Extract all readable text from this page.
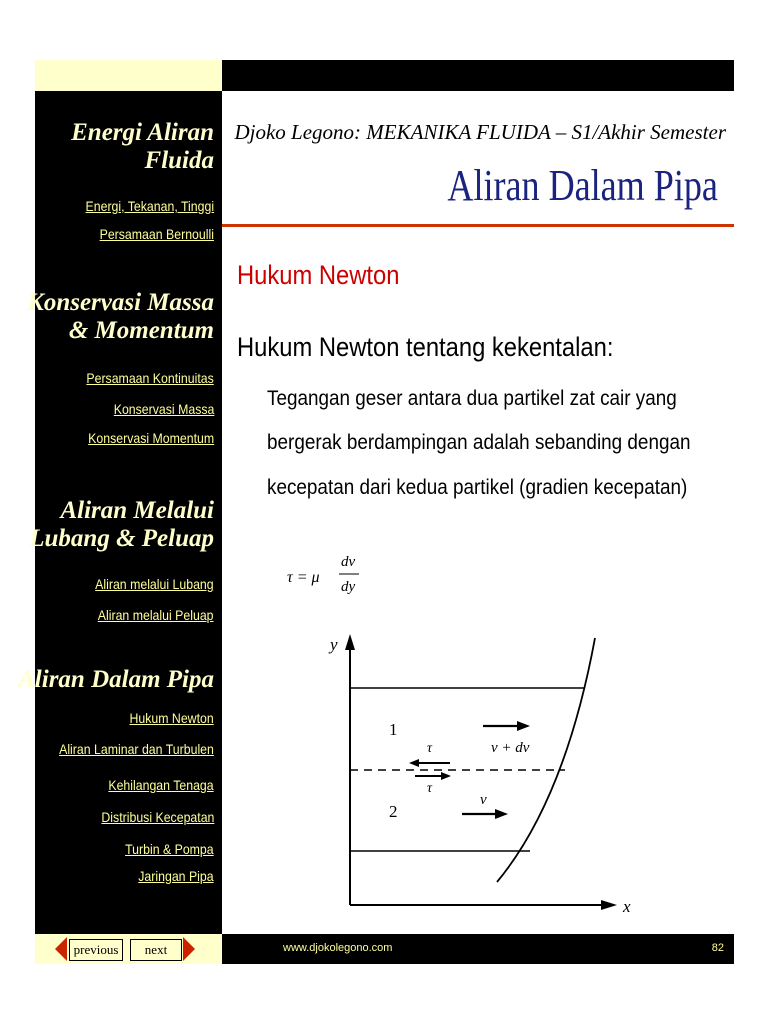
Energi Aliran
Fluida
Energi, Tekanan, Tinggi
Persamaan Bernoulli
Konservasi Massa
& Momentum
Persamaan Kontinuitas
Konservasi Massa
Konservasi Momentum
Aliran Melalui
Lubang & Peluap
Aliran melalui Lubang
Aliran melalui Peluap
Aliran Dalam Pipa
Hukum Newton
Aliran Laminar dan Turbulen
Kehilangan Tenaga
Distribusi Kecepatan
Turbin & Pompa
Jaringan Pipa
Djoko Legono: MEKANIKA FLUIDA – S1/Akhir Semester
Aliran Dalam Pipa
Hukum Newton
Hukum Newton tentang kekentalan:
Tegangan geser antara dua partikel zat cair yang
bergerak berdampingan adalah sebanding dengan
kecepatan dari kedua partikel (gradien kecepatan)
τ = μ
dv
dy
y
x
1
2
τ
τ
v + dv
v
previous	next	www.djokolegono.com	82
